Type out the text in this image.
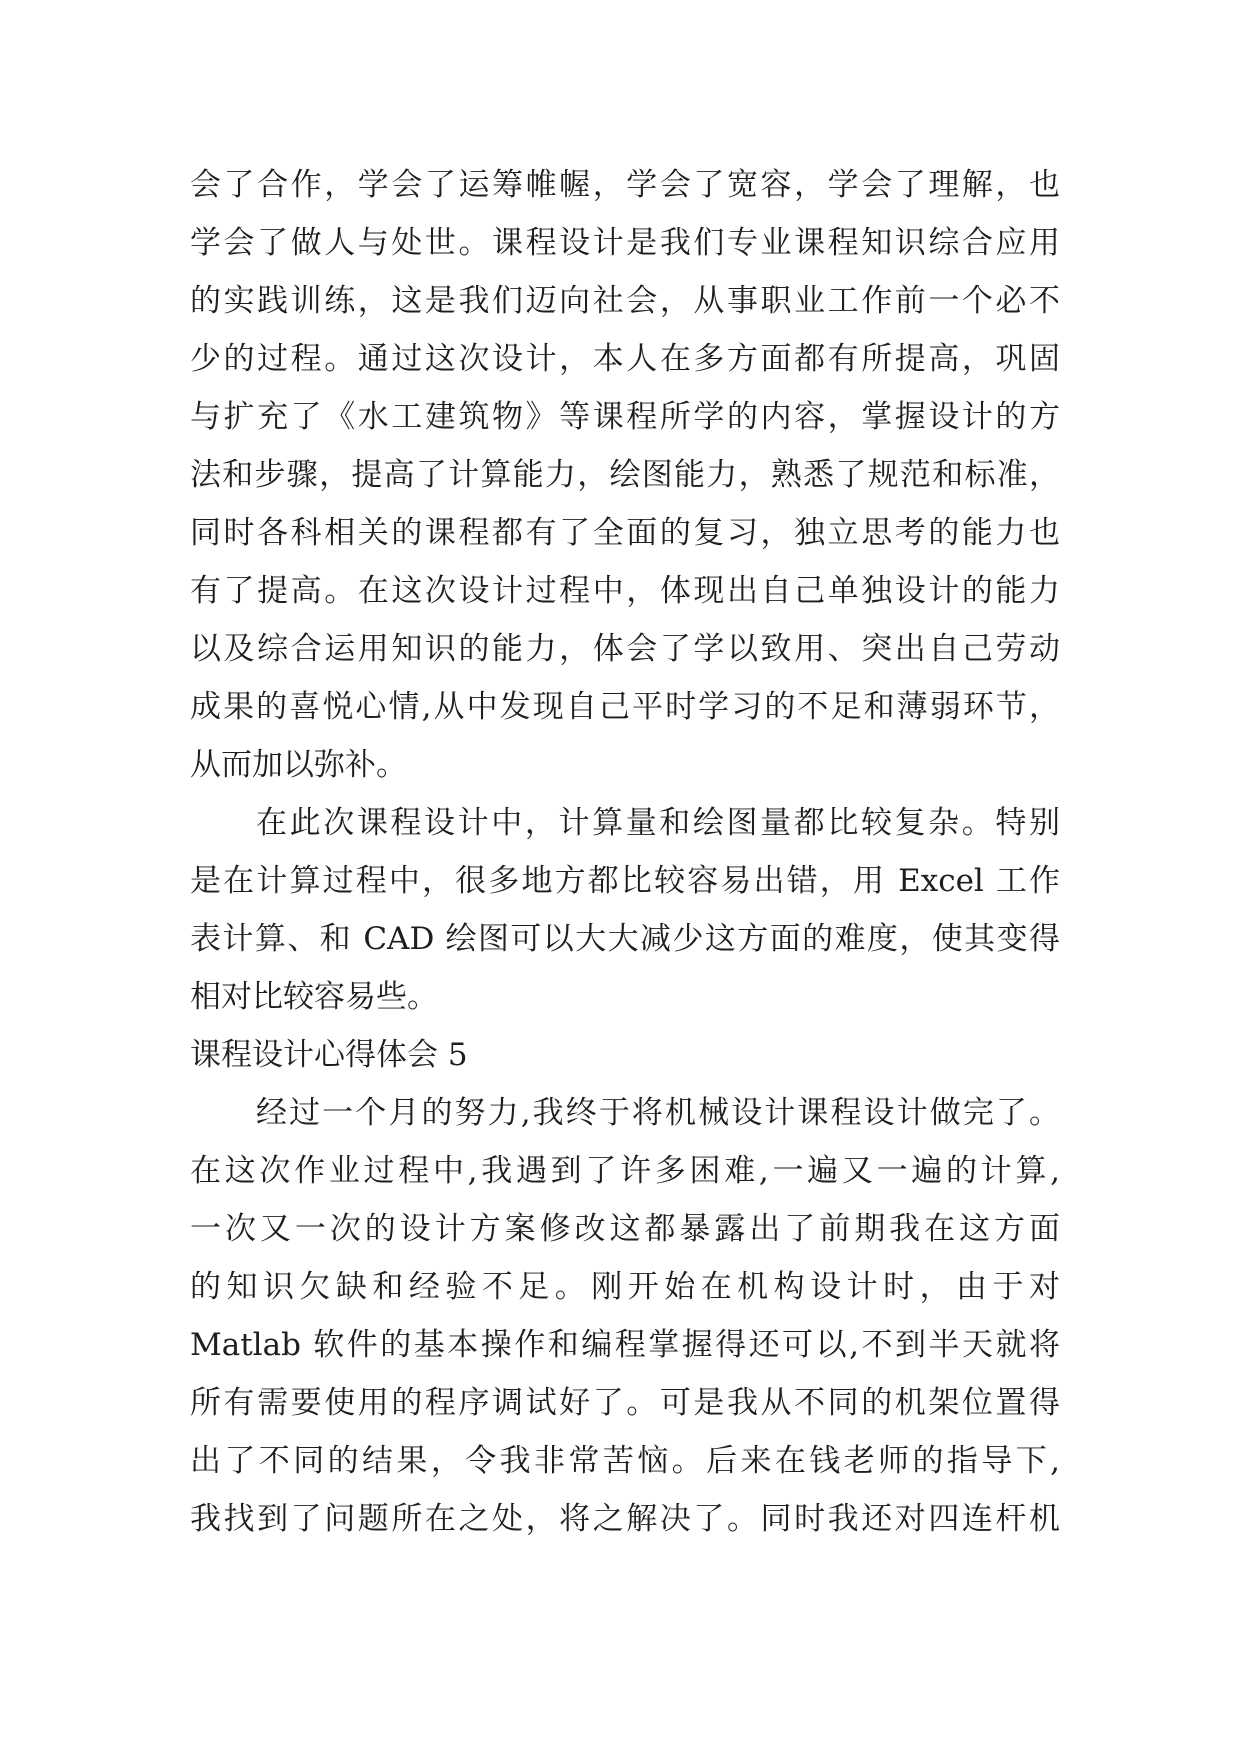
会了合作，学会了运筹帷幄，学会了宽容，学会了理解，也
学会了做人与处世。课程设计是我们专业课程知识综合应用
的实践训练，这是我们迈向社会，从事职业工作前一个必不
少的过程。通过这次设计，本人在多方面都有所提高，巩固
与扩充了《水工建筑物》等课程所学的内容，掌握设计的方
法和步骤，提高了计算能力，绘图能力，熟悉了规范和标准，
同时各科相关的课程都有了全面的复习，独立思考的能力也
有了提高。在这次设计过程中，体现出自己单独设计的能力
以及综合运用知识的能力，体会了学以致用、突出自己劳动
成果的喜悦心情,从中发现自己平时学习的不足和薄弱环节，
从而加以弥补。
在此次课程设计中，计算量和绘图量都比较复杂。特别
是在计算过程中，很多地方都比较容易出错，用 Excel 工作
表计算、和 CAD 绘图可以大大减少这方面的难度，使其变得
相对比较容易些。
课程设计心得体会 5
经过一个月的努力,我终于将机械设计课程设计做完了。
在这次作业过程中,我遇到了许多困难,一遍又一遍的计算,
一次又一次的设计方案修改这都暴露出了前期我在这方面
的知识欠缺和经验不足。刚开始在机构设计时，由于对
Matlab 软件的基本操作和编程掌握得还可以,不到半天就将
所有需要使用的程序调试好了。可是我从不同的机架位置得
出了不同的结果，令我非常苦恼。后来在钱老师的指导下,
我找到了问题所在之处，将之解决了。同时我还对四连杆机
